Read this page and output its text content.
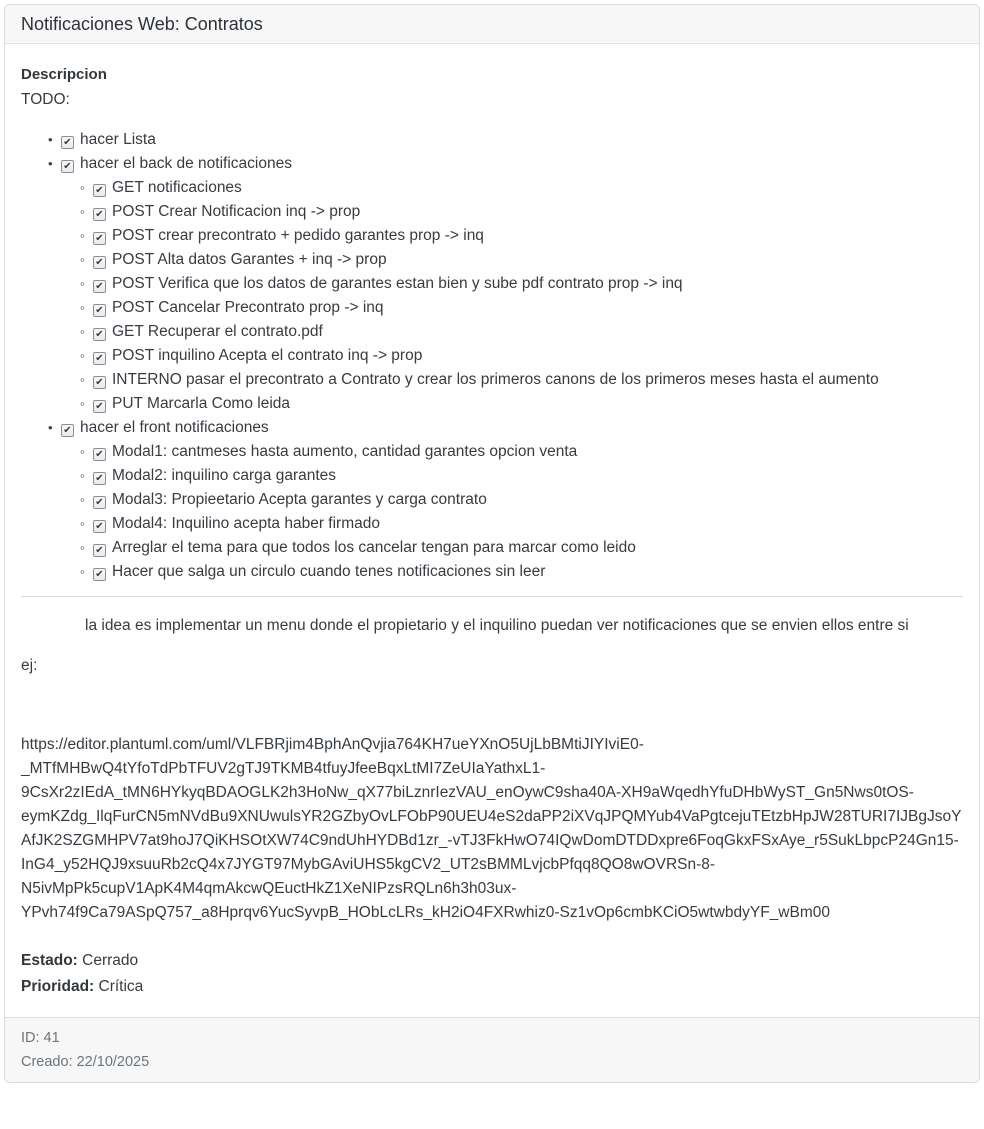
Notificaciones Web: Contratos

Descripcion

TODO:

• ✔ hacer Lista
• ✔ hacer el back de notificaciones
◦ ✔ GET notificaciones
◦ ✔ POST Crear Notificacion inq -> prop
◦ ✔ POST crear precontrato + pedido garantes prop -> inq
◦ ✔ POST Alta datos Garantes + inq -> prop
◦ ✔ POST Verifica que los datos de garantes estan bien y sube pdf contrato prop -> inq
◦ ✔ POST Cancelar Precontrato prop -> inq
◦ ✔ GET Recuperar el contrato.pdf
◦ ✔ POST inquilino Acepta el contrato inq -> prop
◦ ✔ INTERNO pasar el precontrato a Contrato y crear los primeros canons de los primeros meses hasta el aumento
◦ ✔ PUT Marcarla Como leida
• ✔ hacer el front notificaciones
◦ ✔ Modal1: cantmeses hasta aumento, cantidad garantes opcion venta
◦ ✔ Modal2: inquilino carga garantes
◦ ✔ Modal3: Propieetario Acepta garantes y carga contrato
◦ ✔ Modal4: Inquilino acepta haber firmado
◦ ✔ Arreglar el tema para que todos los cancelar tengan para marcar como leido
◦ ✔ Hacer que salga un circulo cuando tenes notificaciones sin leer

la idea es implementar un menu donde el propietario y el inquilino puedan ver notificaciones que se envien ellos entre si

ej:

https://editor.plantuml.com/uml/VLFBRjim4BphAnQvjia764KH7ueYXnO5UjLbBMtiJIYIviE0-_MTfMHBwQ4tYfoTdPbTFUV2gTJ9TKMB4tfuyJfeeBqxLtMI7ZeUIaYathxL1-9CsXr2zIEdA_tMN6HYkyqBDAOGLK2h3HoNw_qX77biLznrIezVAU_enOywC9sha40A-XH9aWqedhYfuDHbWyST_Gn5Nws0tOS-eymKZdg_IlqFurCN5mNVdBu9XNUwulsYR2GZbyOvLFObP90UEU4eS2daPP2iXVqJPQMYub4VaPgtcejuTEtzbHpJW28TURI7IJBgJsoYAfJK2SZGMHPV7at9hoJ7QiKHSOtXW74C9ndUhHYDBd1zr_-vTJ3FkHwO74IQwDomDTDDxpre6FoqGkxFSxAye_r5SukLbpcP24Gn15-InG4_y52HQJ9xsuuRb2cQ4x7JYGT97MybGAviUHS5kgCV2_UT2sBMMLvjcbPfqq8QO8wOVRSn-8-N5ivMpPk5cupV1ApK4M4qmAkcwQEuctHkZ1XeNIPzsRQLn6h3h03ux-YPvh74f9Ca79ASpQ757_a8Hprqv6YucSyvpB_HObLcLRs_kH2iO4FXRwhiz0-Sz1vOp6cmbKCiO5wtwbdyYF_wBm00

Estado: Cerrado

Prioridad: Crítica

ID: 41
Creado: 22/10/2025
